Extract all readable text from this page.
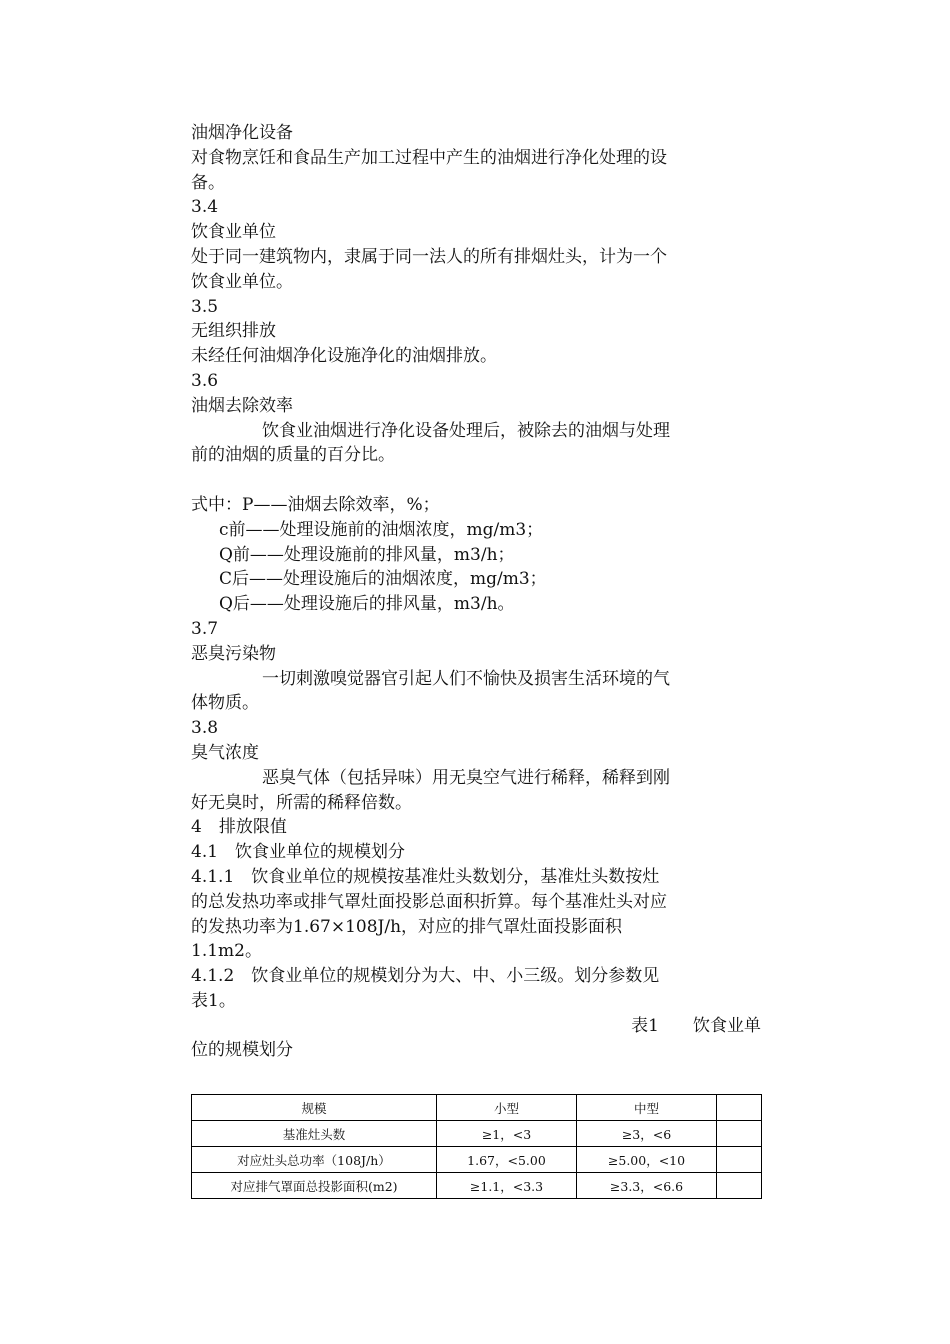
油烟净化设备
对食物烹饪和食品生产加工过程中产生的油烟进行净化处理的设
备。
3.4
饮食业单位
处于同一建筑物内，隶属于同一法人的所有排烟灶头，计为一个
饮食业单位。
3.5
无组织排放
未经任何油烟净化设施净化的油烟排放。
3.6
油烟去除效率
饮食业油烟进行净化设备处理后，被除去的油烟与处理
前的油烟的质量的百分比。
式中：P——油烟去除效率，%；
c前——处理设施前的油烟浓度，mg/m3；
Q前——处理设施前的排风量，m3/h；
C后——处理设施后的油烟浓度，mg/m3；
Q后——处理设施后的排风量，m3/h。
3.7
恶臭污染物
一切刺激嗅觉器官引起人们不愉快及损害生活环境的气
体物质。
3.8
臭气浓度
恶臭气体（包括异味）用无臭空气进行稀释，稀释到刚
好无臭时，所需的稀释倍数。
4　排放限值
4.1　饮食业单位的规模划分
4.1.1　饮食业单位的规模按基准灶头数划分，基准灶头数按灶
的总发热功率或排气罩灶面投影总面积折算。每个基准灶头对应
的发热功率为1.67×108J/h，对应的排气罩灶面投影面积
1.1m2。
4.1.2　饮食业单位的规模划分为大、中、小三级。划分参数见
表1。
表1　　饮食业单
位的规模划分
规模	小型	中型	
基准灶头数	≥1，<3	≥3，<6	
对应灶头总功率（108J/h）	1.67，<5.00	≥5.00，<10	
对应排气罩面总投影面积(m2)	≥1.1，<3.3	≥3.3，<6.6	
